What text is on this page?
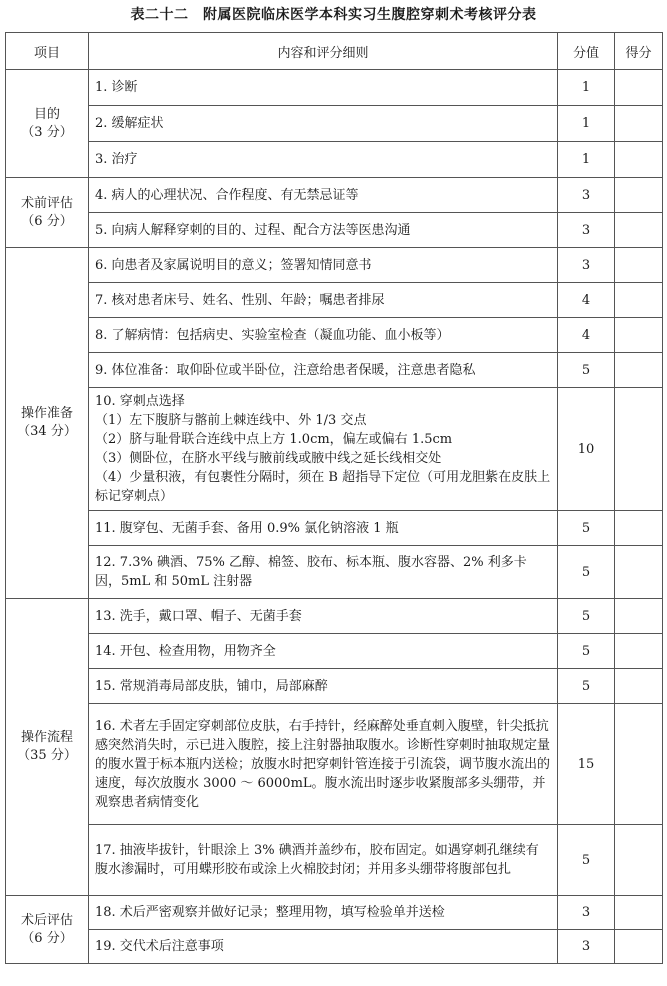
表二十二　附属医院临床医学本科实习生腹腔穿刺术考核评分表
项目	内容和评分细则	分值	得分

目的
（3 分）	1. 诊断	1	
	2. 缓解症状	1	
	3. 治疗	1	

术前评估
（6 分）	4. 病人的心理状况、合作程度、有无禁忌证等	3	
	5. 向病人解释穿刺的目的、过程、配合方法等医患沟通	3	

操作准备
（34 分）	6. 向患者及家属说明目的意义；签署知情同意书	3	
	7. 核对患者床号、姓名、性别、年龄；嘱患者排尿	4	
	8. 了解病情：包括病史、实验室检查（凝血功能、血小板等）	4	
	9. 体位准备：取仰卧位或半卧位，注意给患者保暖，注意患者隐私	5	
	10. 穿刺点选择
（1）左下腹脐与髂前上棘连线中、外 1/3 交点
（2）脐与耻骨联合连线中点上方 1.0cm，偏左或偏右 1.5cm
（3）侧卧位，在脐水平线与腋前线或腋中线之延长线相交处
（4）少量积液，有包裹性分隔时，须在 B 超指导下定位（可用龙胆紫在皮肤上标记穿刺点）	10	
	11. 腹穿包、无菌手套、备用 0.9% 氯化钠溶液 1 瓶	5	
	12. 7.3% 碘酒、75% 乙醇、棉签、胶布、标本瓶、腹水容器、2% 利多卡因，5mL 和 50mL 注射器	5	

操作流程
（35 分）	13. 洗手，戴口罩、帽子、无菌手套	5	
	14. 开包、检查用物，用物齐全	5	
	15. 常规消毒局部皮肤，铺巾，局部麻醉	5	
	16. 术者左手固定穿刺部位皮肤，右手持针，经麻醉处垂直刺入腹壁，针尖抵抗感突然消失时，示已进入腹腔，接上注射器抽取腹水。诊断性穿刺时抽取规定量的腹水置于标本瓶内送检；放腹水时把穿刺针管连接于引流袋，调节腹水流出的速度，每次放腹水 3000 ～ 6000mL。腹水流出时逐步收紧腹部多头绷带，并观察患者病情变化	15	
	17. 抽液毕拔针，针眼涂上 3% 碘酒并盖纱布，胶布固定。如遇穿刺孔继续有腹水渗漏时，可用蝶形胶布或涂上火棉胶封闭；并用多头绷带将腹部包扎	5	

术后评估
（6 分）	18. 术后严密观察并做好记录；整理用物，填写检验单并送检	3	
	19. 交代术后注意事项	3	
